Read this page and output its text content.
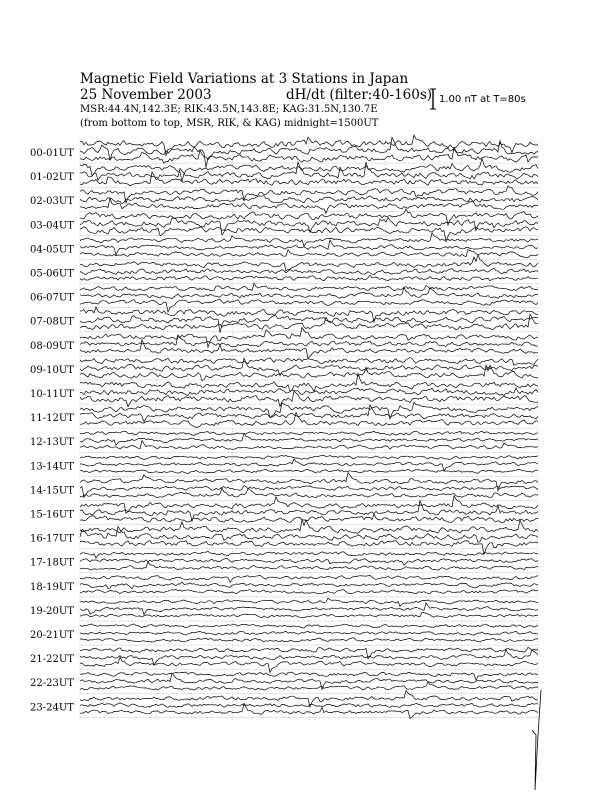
00-01UT
01-02UT
02-03UT
03-04UT
04-05UT
05-06UT
06-07UT
07-08UT
08-09UT
09-10UT
10-11UT
11-12UT
12-13UT
13-14UT
14-15UT
15-16UT
16-17UT
17-18UT
18-19UT
19-20UT
20-21UT
21-22UT
22-23UT
23-24UT
Magnetic Field Variations at 3 Stations in Japan
25 November 2003	dH/dt (filter:40-160s)
MSR:44.4N,142.3E; RIK:43.5N,143.8E; KAG:31.5N,130.7E
(from bottom to top, MSR, RIK, & KAG) midnight=1500UT
1.00 nT at T=80s
